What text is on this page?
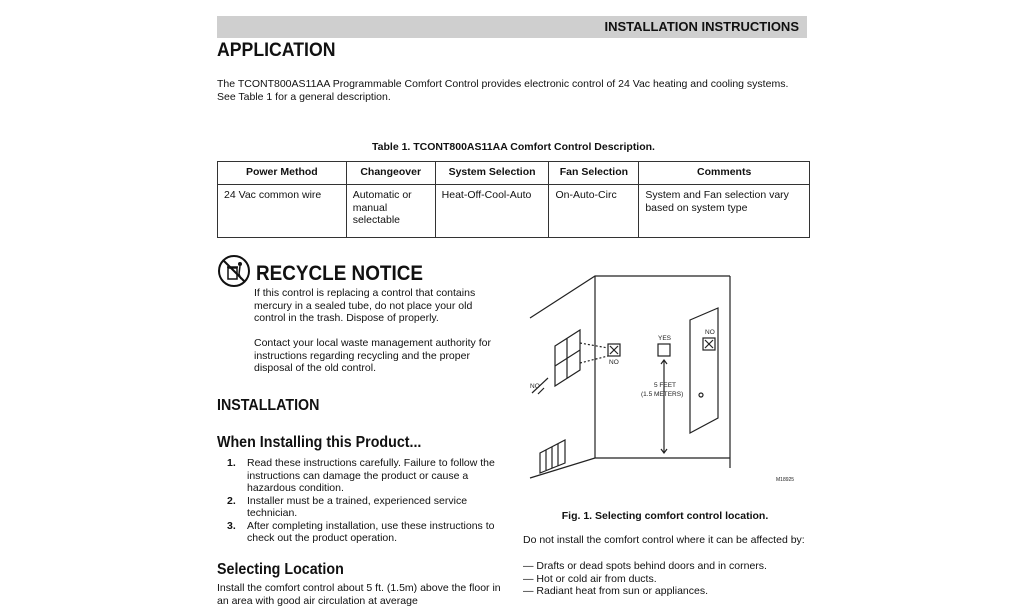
INSTALLATION INSTRUCTIONS
APPLICATION
The TCONT800AS11AA Programmable Comfort Control provides electronic control of 24 Vac heating and cooling systems. See Table 1 for a general description.
Table 1. TCONT800AS11AA Comfort Control Description.
Power Method	Changeover	System Selection	Fan Selection	Comments
24 Vac common wire	Automatic or manual selectable	Heat-Off-Cool-Auto	On-Auto-Circ	System and Fan selection vary based on system type
RECYCLE NOTICE
If this control is replacing a control that contains mercury in a sealed tube, do not place your old control in the trash. Dispose of properly.
Contact your local waste management authority for instructions regarding recycling and the proper disposal of the old control.
INSTALLATION
When Installing this Product...
1. Read these instructions carefully. Failure to follow the instructions can damage the product or cause a hazardous condition.
2. Installer must be a trained, experienced service technician.
3. After completing installation, use these instructions to check out the product operation.
Selecting Location
Install the comfort control about 5 ft. (1.5m) above the floor in an area with good air circulation at average
YES
NO
NO
NO	5 FEET
(1.5 METERS)
M18925
Fig. 1. Selecting comfort control location.
Do not install the comfort control where it can be affected by:
— Drafts or dead spots behind doors and in corners.
— Hot or cold air from ducts.
— Radiant heat from sun or appliances.
